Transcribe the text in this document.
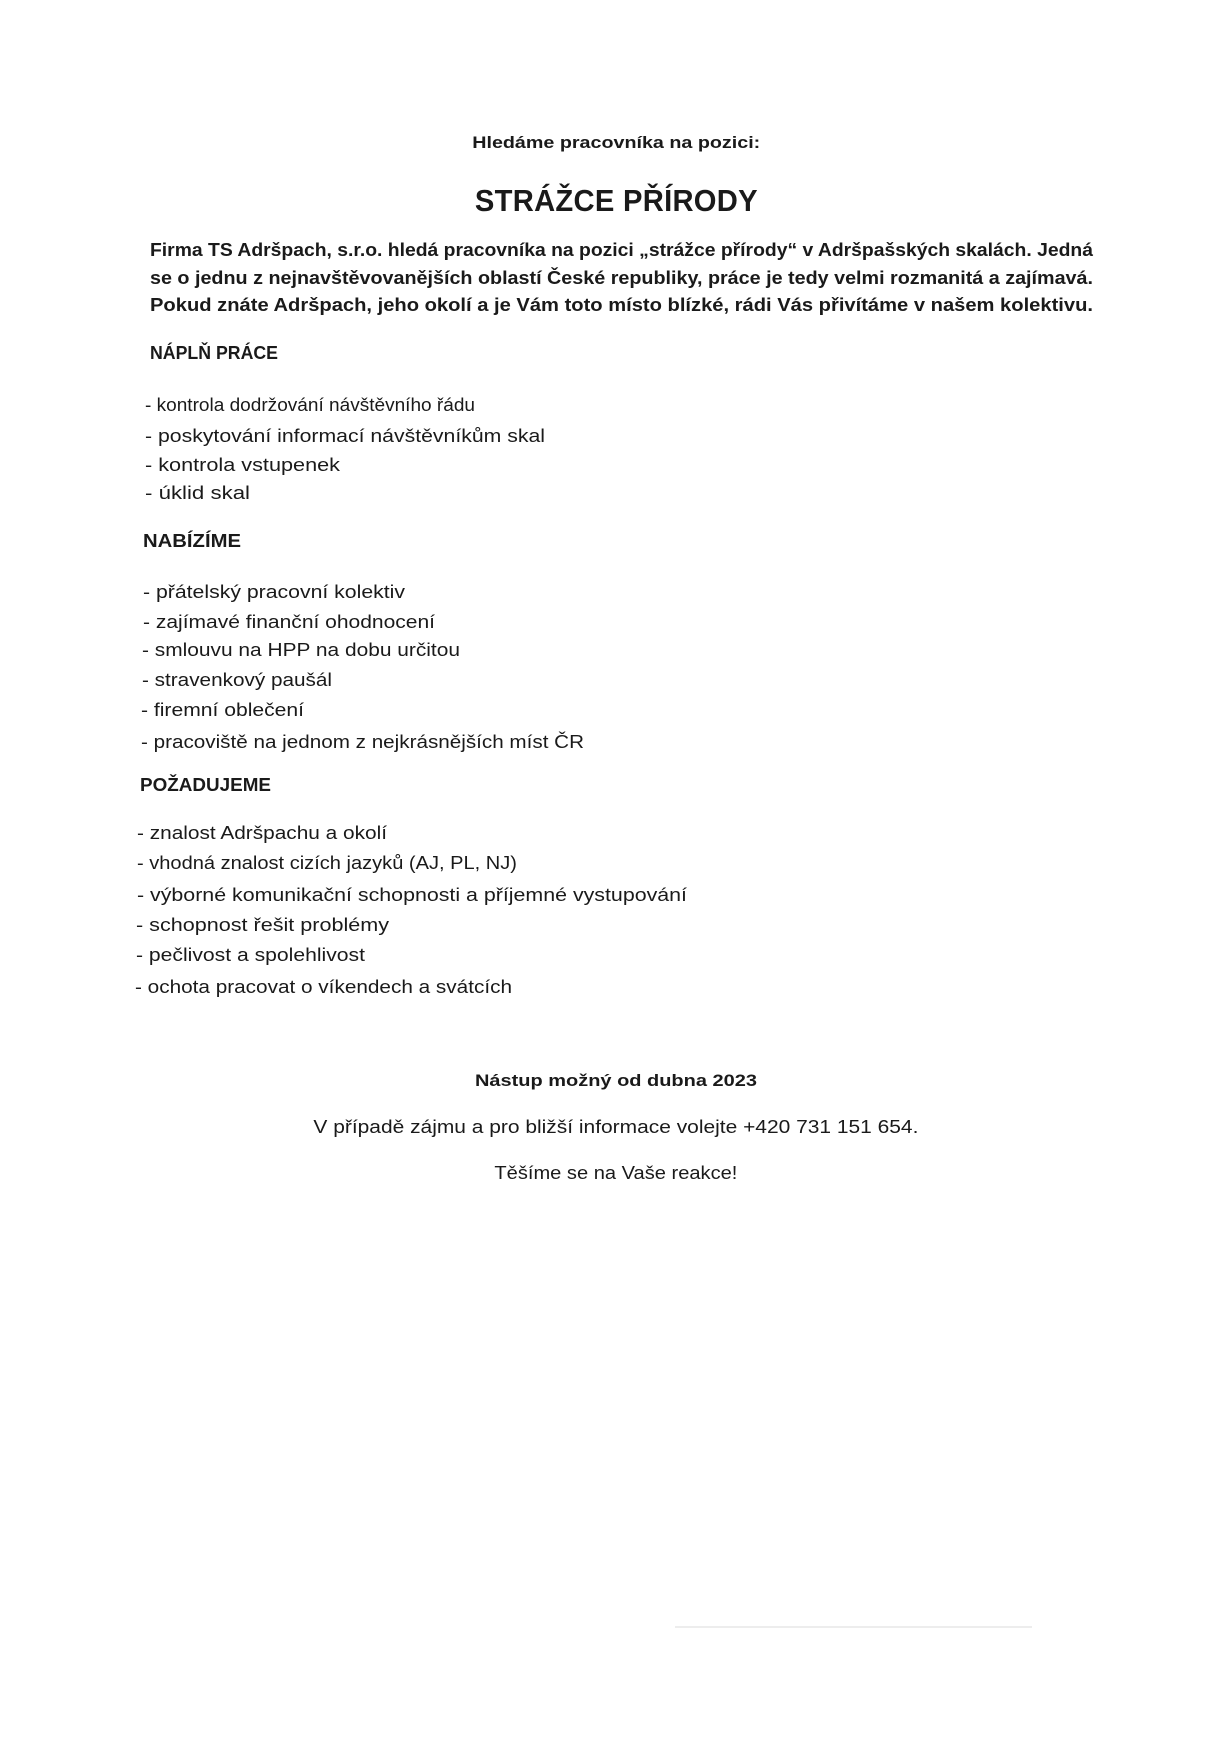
Hledáme pracovníka na pozici:
STRÁŽCE PŘÍRODY
Firma TS Adršpach, s.r.o. hledá pracovníka na pozici „strážce přírody“ v Adršpašských skalách. Jedná
se o jednu z nejnavštěvovanějších oblastí České republiky, práce je tedy velmi rozmanitá a zajímavá.
Pokud znáte Adršpach, jeho okolí a je Vám toto místo blízké, rádi Vás přivítáme v našem kolektivu.
NÁPLŇ PRÁCE
- kontrola dodržování návštěvního řádu
- poskytování informací návštěvníkům skal
- kontrola vstupenek
- úklid skal
NABÍZÍME
- přátelský pracovní kolektiv
- zajímavé finanční ohodnocení
- smlouvu na HPP na dobu určitou
- stravenkový paušál
- firemní oblečení
- pracoviště na jednom z nejkrásnějších míst ČR
POŽADUJEME
- znalost Adršpachu a okolí
- vhodná znalost cizích jazyků (AJ, PL, NJ)
- výborné komunikační schopnosti a příjemné vystupování
- schopnost řešit problémy
- pečlivost a spolehlivost
- ochota pracovat o víkendech a svátcích
Nástup možný od dubna 2023
V případě zájmu a pro bližší informace volejte +420 731 151 654.
Těšíme se na Vaše reakce!
